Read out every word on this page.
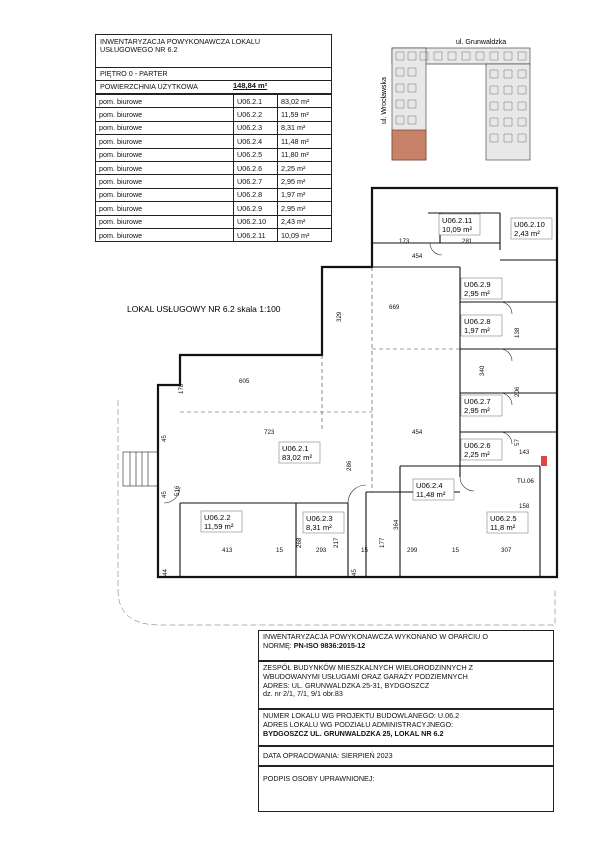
INWENTARYZACJA POWYKONAWCZA LOKALU
USŁUGOWEGO NR 6.2
PIĘTRO 0 - PARTER
POWIERZCHNIA UŻYTKOWA	148,84 m²
pom. biurowe	U06.2.1	83,02 m²
pom. biurowe	U06.2.2	11,59 m²
pom. biurowe	U06.2.3	8,31 m²
pom. biurowe	U06.2.4	11,48 m²
pom. biurowe	U06.2.5	11,80 m²
pom. biurowe	U06.2.6	2,25 m²
pom. biurowe	U06.2.7	2,95 m²
pom. biurowe	U06.2.8	1,97 m²
pom. biurowe	U06.2.9	2,95 m²
pom. biurowe	U06.2.10	2,43 m²
pom. biurowe	U06.2.11	10,09 m²
ul. Grunwaldzka
ul. Wrocławska
LOKAL USŁUGOWY NR 6.2 skala 1:100
U06.2.1
83,02 m²
U06.2.2
11,59 m²
U06.2.3
8,31 m²
U06.2.4
11,48 m²
U06.2.5
11,8 m²
U06.2.6
2,25 m²
U06.2.7
2,95 m²
U06.2.8
1,97 m²
U06.2.9
2,95 m²
U06.2.10
2,43 m²
U06.2.11
10,09 m²
605
723	454
413	293	299	307
158
143
669
454
173	281
329
340
286
364
177
217
268
15	15	15
45
45
45
178
516
138
206
57
44
TU.06
INWENTARYZACJA POWYKONAWCZA WYKONANO W OPARCIU O
NORMĘ: PN-ISO 9836:2015-12
ZESPÓŁ BUDYNKÓW MIESZKALNYCH WIELORODZINNYCH Z
WBUDOWANYMI USŁUGAMI ORAZ GARAŻY PODZIEMNYCH
ADRES: UL. GRUNWALDZKA 25-31, BYDGOSZCZ
dz. nr 2/1, 7/1, 9/1 obr.83
NUMER LOKALU WG PROJEKTU BUDOWLANEGO: U.06.2
ADRES LOKALU WG PODZIAŁU ADMINISTRACYJNEGO:
BYDGOSZCZ UL. GRUNWALDZKA 25, LOKAL NR 6.2
DATA OPRACOWANIA: SIERPIEŃ 2023
PODPIS OSOBY UPRAWNIONEJ:
